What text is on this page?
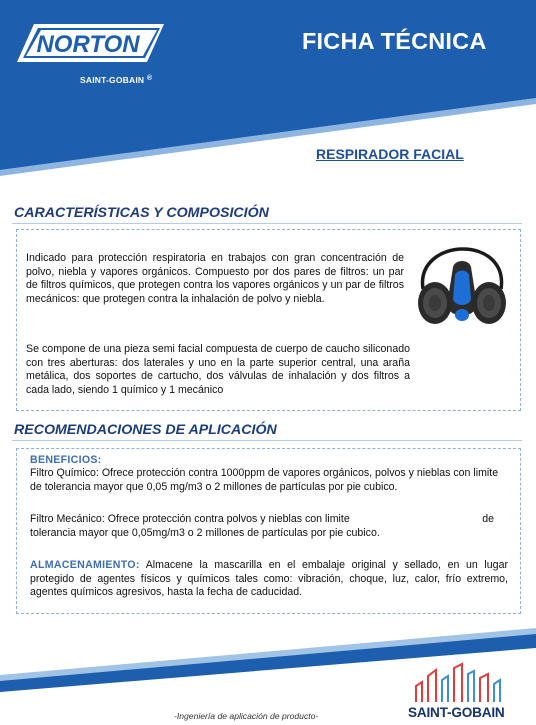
NORTON
SAINT-GOBAIN ®
FICHA TÉCNICA
RESPIRADOR FACIAL
CARACTERÍSTICAS Y COMPOSICIÓN
Indicado para protección respiratoria en trabajos con gran concentración de polvo, niebla y vapores orgánicos. Compuesto por dos pares de filtros: un par de filtros químicos, que protegen contra los vapores orgánicos y un par de filtros mecánicos: que protegen contra la inhalación de polvo y niebla.
Se compone de una pieza semi facial compuesta de cuerpo de caucho siliconado con tres aberturas: dos laterales y uno en la parte superior central, una araña metálica, dos soportes de cartucho, dos válvulas de inhalación y dos filtros a cada lado, siendo 1 químico y 1 mecánico
RECOMENDACIONES DE APLICACIÓN
BENEFICIOS:
Filtro Químico: Ofrece protección contra 1000ppm de vapores orgánicos, polvos y nieblas con limite de tolerancia mayor que 0,05 mg/m3 o 2 millones de partículas por pie cubico.
Filtro Mecánico: Ofrece protección contra polvos y nieblas con limite	de
tolerancia mayor que 0,05mg/m3 o 2 millones de partículas por pie cubico.
ALMACENAMIENTO: Almacene la mascarilla en el embalaje original y sellado, en un lugar protegido de agentes físicos y químicos tales como: vibración, choque, luz, calor, frío extremo, agentes químicos agresivos, hasta la fecha de caducidad.
SAINT-GOBAIN
-Ingeniería de aplicación de producto-
